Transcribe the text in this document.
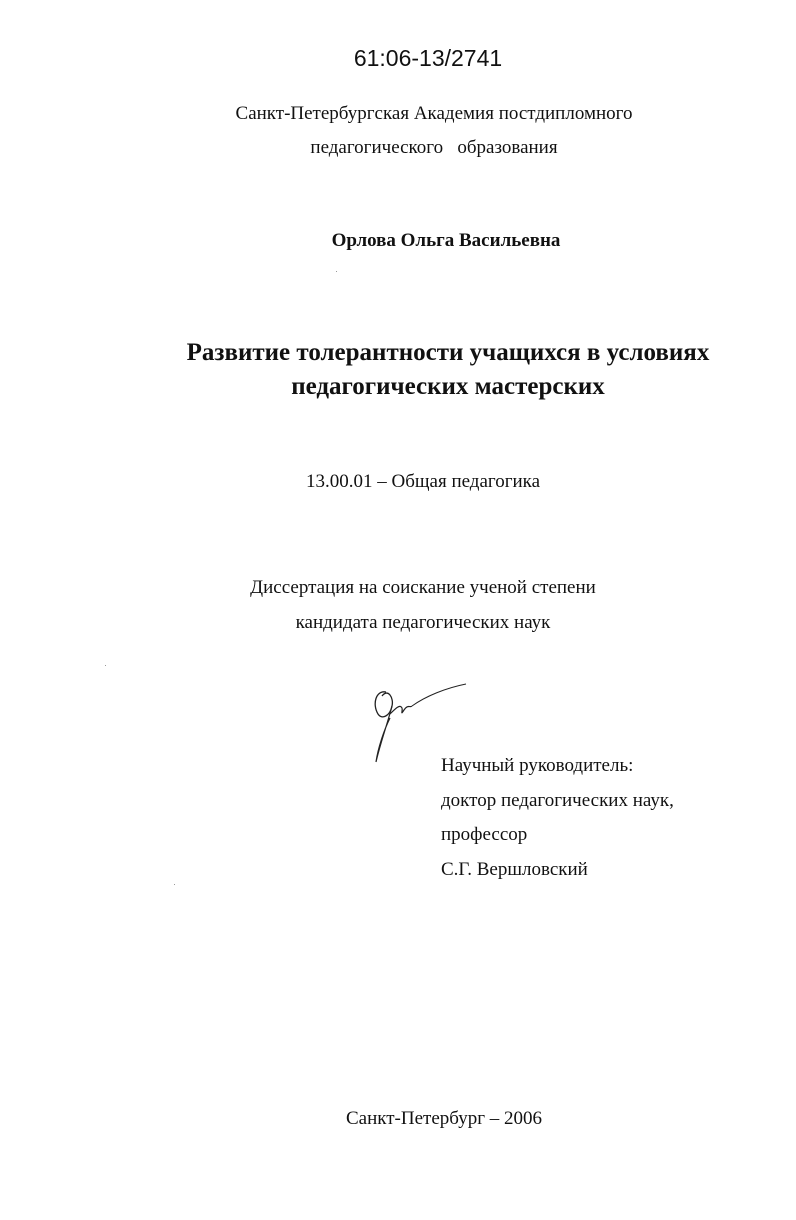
61:06-13/2741
Санкт-Петербургская Академия постдипломного
педагогического   образования
Орлова Ольга Васильевна
Развитие толерантности учащихся в условиях
педагогических мастерских
13.00.01 – Общая педагогика
Диссертация на соискание ученой степени
кандидата педагогических наук
Научный руководитель:
доктор педагогических наук,
профессор
С.Г. Вершловский
Санкт-Петербург – 2006
